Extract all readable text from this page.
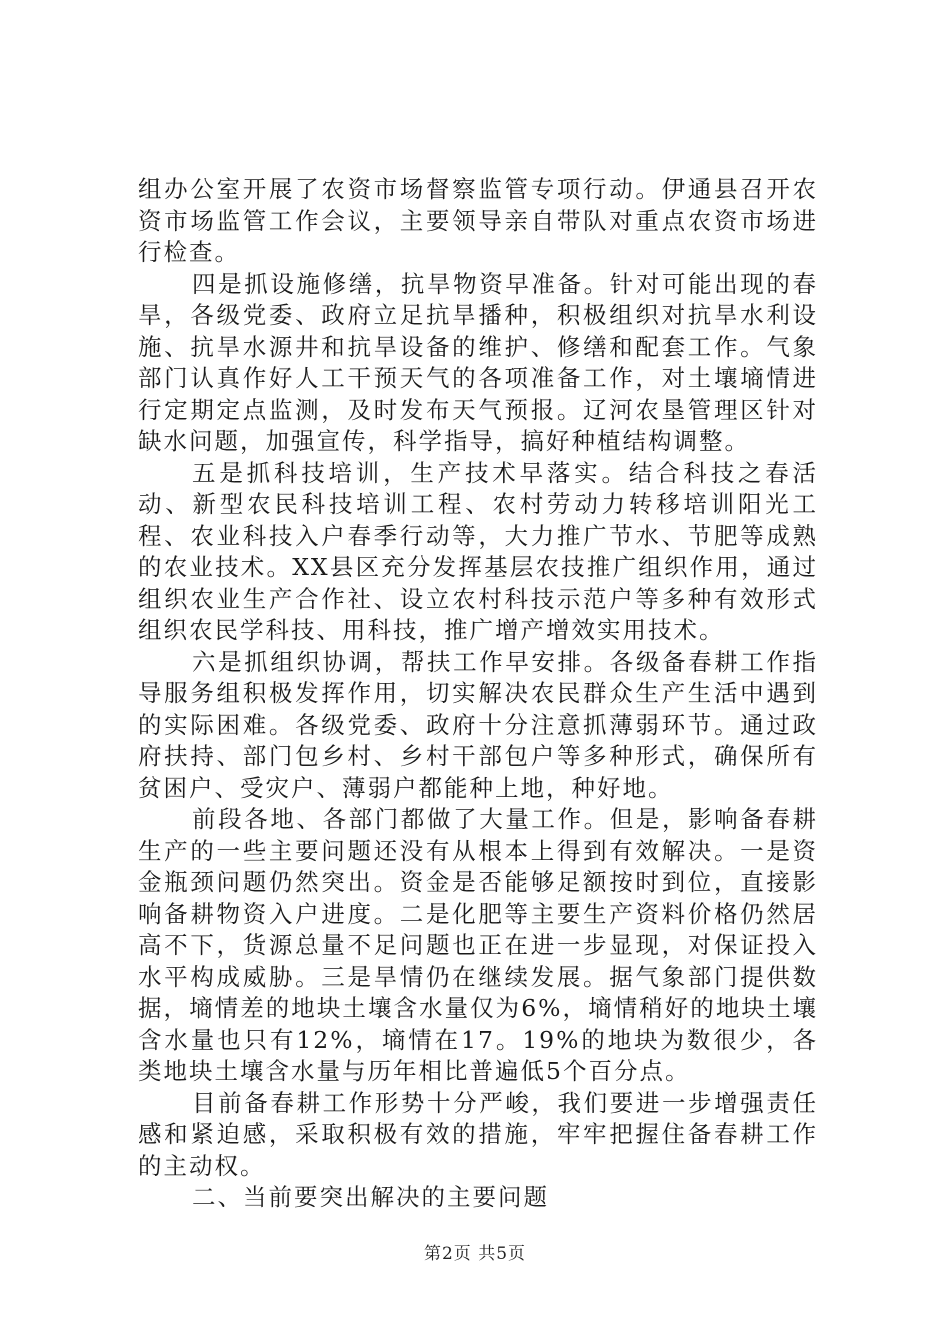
组办公室开展了农资市场督察监管专项行动。伊通县召开农资市场监管工作会议，主要领导亲自带队对重点农资市场进行检查。

四是抓设施修缮，抗旱物资早准备。针对可能出现的春旱，各级党委、政府立足抗旱播种，积极组织对抗旱水利设施、抗旱水源井和抗旱设备的维护、修缮和配套工作。气象部门认真作好人工干预天气的各项准备工作，对土壤墒情进行定期定点监测，及时发布天气预报。辽河农垦管理区针对缺水问题，加强宣传，科学指导，搞好种植结构调整。

五是抓科技培训，生产技术早落实。结合科技之春活动、新型农民科技培训工程、农村劳动力转移培训阳光工程、农业科技入户春季行动等，大力推广节水、节肥等成熟的农业技术。XX县区充分发挥基层农技推广组织作用，通过组织农业生产合作社、设立农村科技示范户等多种有效形式组织农民学科技、用科技，推广增产增效实用技术。

六是抓组织协调，帮扶工作早安排。各级备春耕工作指导服务组积极发挥作用，切实解决农民群众生产生活中遇到的实际困难。各级党委、政府十分注意抓薄弱环节。通过政府扶持、部门包乡村、乡村干部包户等多种形式，确保所有贫困户、受灾户、薄弱户都能种上地，种好地。

前段各地、各部门都做了大量工作。但是，影响备春耕生产的一些主要问题还没有从根本上得到有效解决。一是资金瓶颈问题仍然突出。资金是否能够足额按时到位，直接影响备耕物资入户进度。二是化肥等主要生产资料价格仍然居高不下，货源总量不足问题也正在进一步显现，对保证投入水平构成威胁。三是旱情仍在继续发展。据气象部门提供数据，墒情差的地块土壤含水量仅为6%，墒情稍好的地块土壤含水量也只有12%，墒情在17。19%的地块为数很少，各类地块土壤含水量与历年相比普遍低5个百分点。

目前备春耕工作形势十分严峻，我们要进一步增强责任感和紧迫感，采取积极有效的措施，牢牢把握住备春耕工作的主动权。

二、当前要突出解决的主要问题

第2页 共5页
